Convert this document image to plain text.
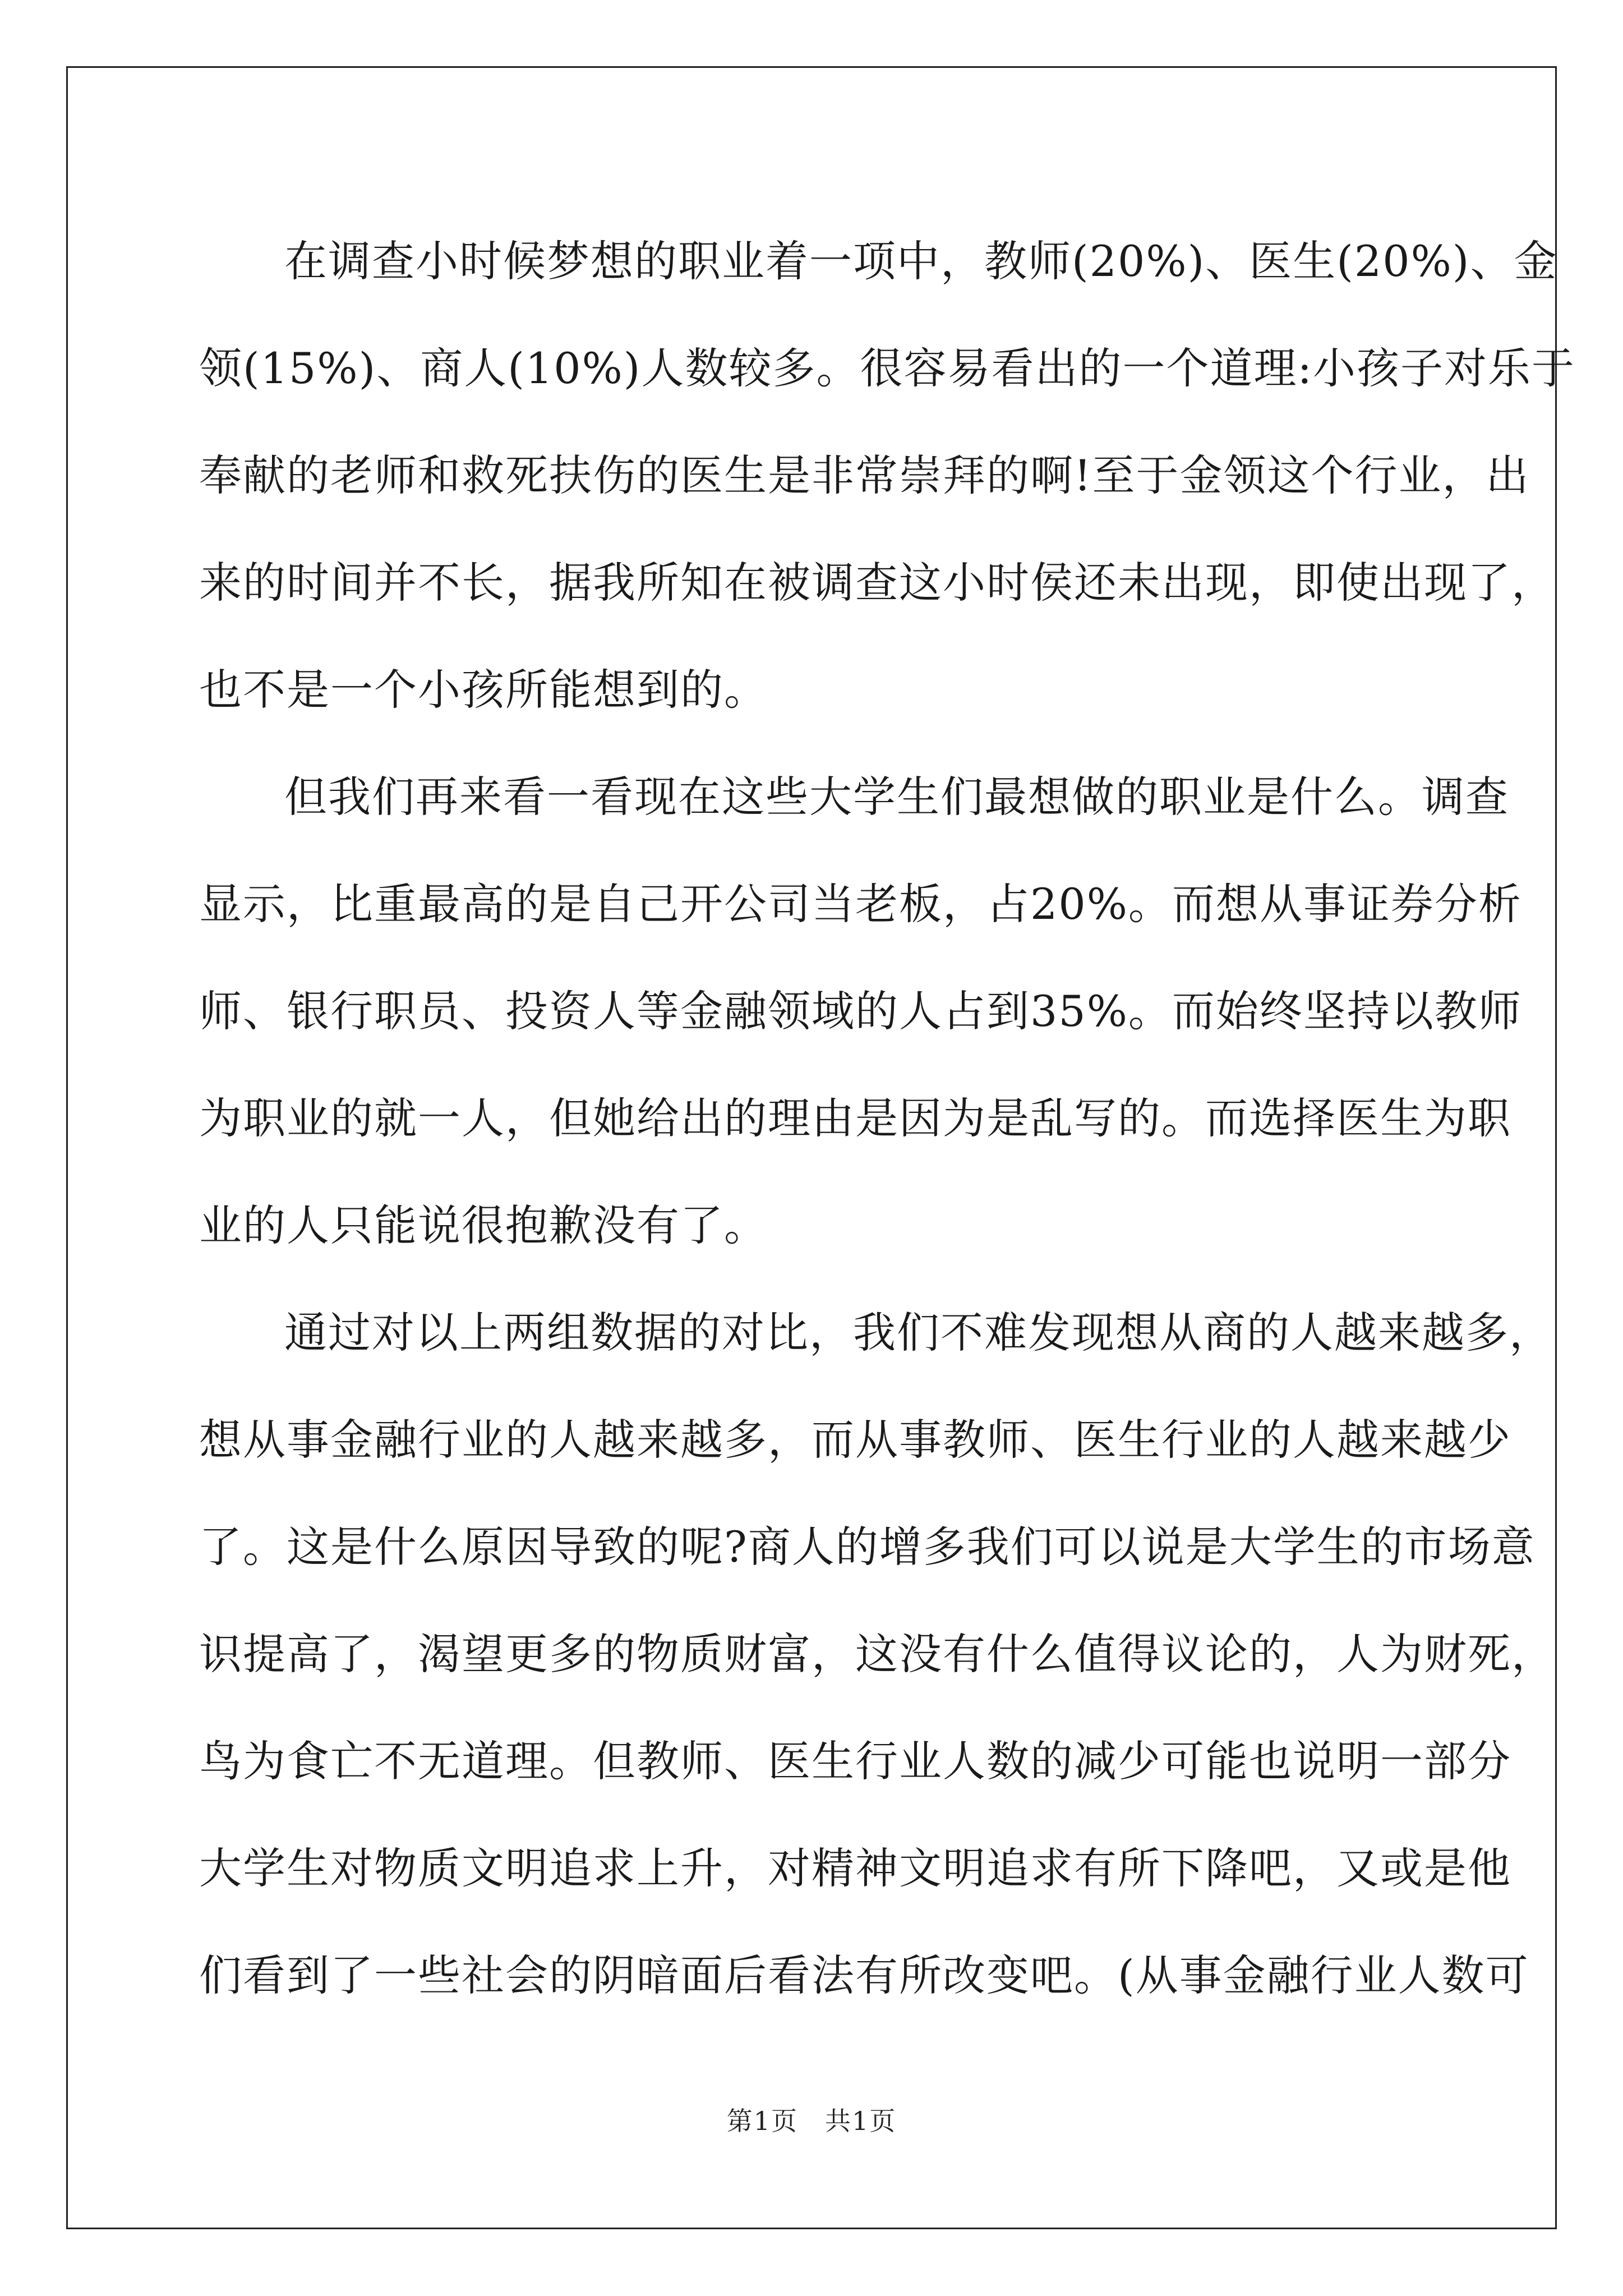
在调查小时候梦想的职业着一项中，教师(20%)、医生(20%)、金
领(15%)、商人(10%)人数较多。很容易看出的一个道理:小孩子对乐于
奉献的老师和救死扶伤的医生是非常崇拜的啊!至于金领这个行业，出
来的时间并不长，据我所知在被调查这小时侯还未出现，即使出现了，
也不是一个小孩所能想到的。
但我们再来看一看现在这些大学生们最想做的职业是什么。调查
显示，比重最高的是自己开公司当老板，占20%。而想从事证券分析
师、银行职员、投资人等金融领域的人占到35%。而始终坚持以教师
为职业的就一人，但她给出的理由是因为是乱写的。而选择医生为职
业的人只能说很抱歉没有了。
通过对以上两组数据的对比，我们不难发现想从商的人越来越多，
想从事金融行业的人越来越多，而从事教师、医生行业的人越来越少
了。这是什么原因导致的呢?商人的增多我们可以说是大学生的市场意
识提高了，渴望更多的物质财富，这没有什么值得议论的，人为财死，
鸟为食亡不无道理。但教师、医生行业人数的减少可能也说明一部分
大学生对物质文明追求上升，对精神文明追求有所下降吧，又或是他
们看到了一些社会的阴暗面后看法有所改变吧。(从事金融行业人数可
第1页　共1页
